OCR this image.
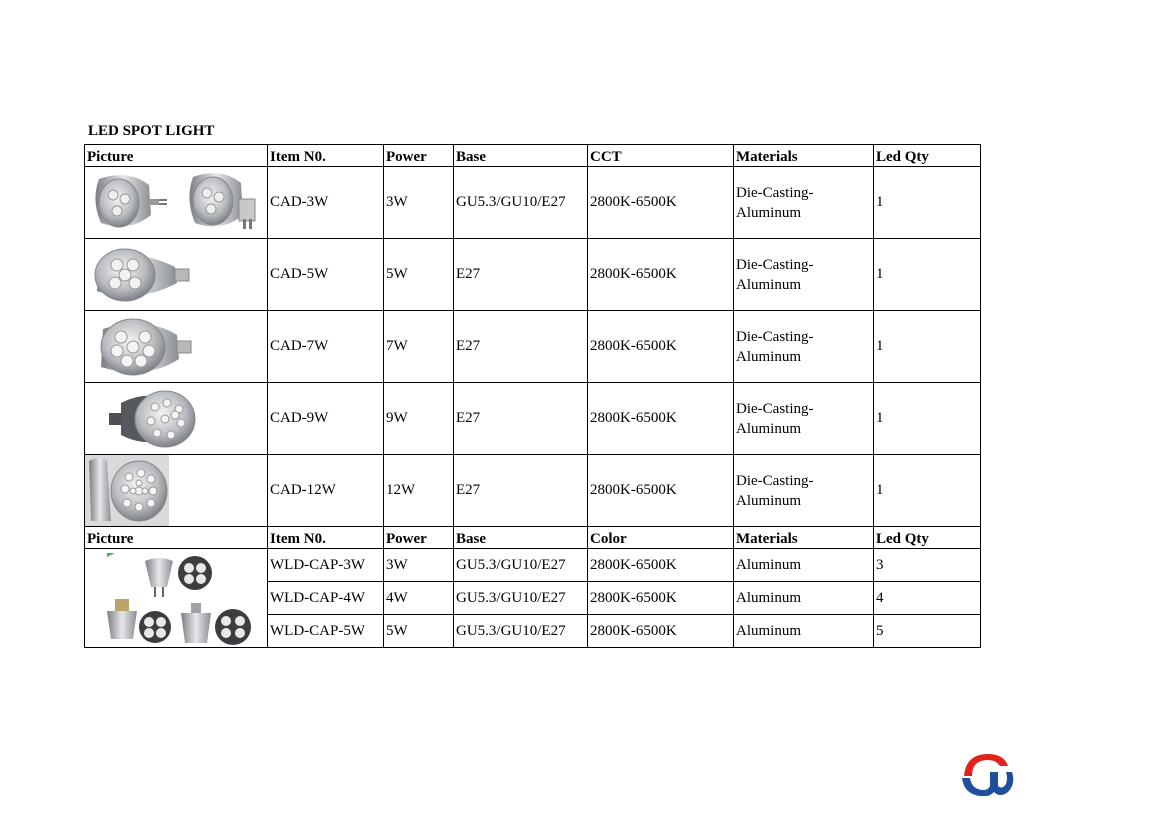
LED SPOT LIGHT
Picture	Item N0.	Power	Base	CCT	Materials	Led Qty

	CAD-3W	3W	GU5.3/GU10/E27	2800K-6500K	Die-Casting-Aluminum	1

	CAD-5W	5W	E27	2800K-6500K	Die-Casting-Aluminum	1

	CAD-7W	7W	E27	2800K-6500K	Die-Casting-Aluminum	1

	CAD-9W	9W	E27	2800K-6500K	Die-Casting-Aluminum	1

	CAD-12W	12W	E27	2800K-6500K	Die-Casting-Aluminum	1
Picture	Item N0.	Power	Base	Color	Materials	Led Qty

	WLD-CAP-3W	3W	GU5.3/GU10/E27	2800K-6500K	Aluminum	3
	WLD-CAP-4W	4W	GU5.3/GU10/E27	2800K-6500K	Aluminum	4
	WLD-CAP-5W	5W	GU5.3/GU10/E27	2800K-6500K	Aluminum	5
